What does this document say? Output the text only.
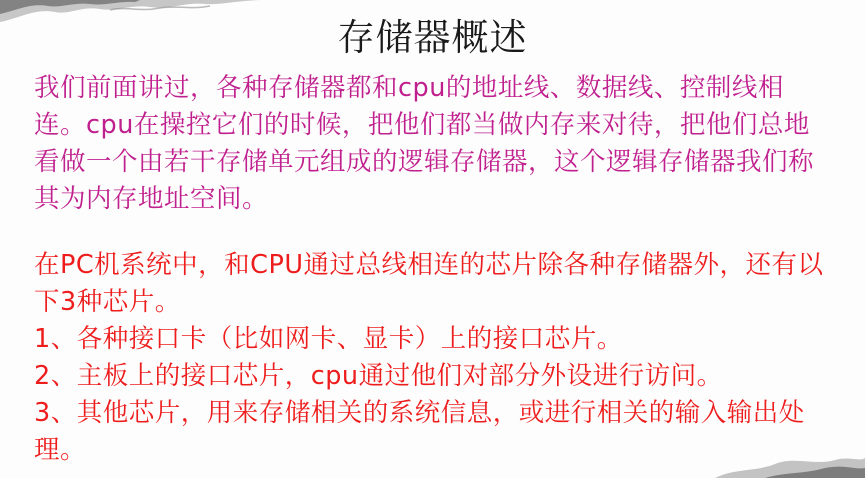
存储器概述
我们前面讲过，各种存储器都和cpu的地址线、数据线、控制线相连。cpu在操控它们的时候，把他们都当做内存来对待，把他们总地看做一个由若干存储单元组成的逻辑存储器，这个逻辑存储器我们称其为内存地址空间。
在PC机系统中，和CPU通过总线相连的芯片除各种存储器外，还有以下3种芯片。
1、各种接口卡（比如网卡、显卡）上的接口芯片。
2、主板上的接口芯片，cpu通过他们对部分外设进行访问。
3、其他芯片，用来存储相关的系统信息，或进行相关的输入输出处理。
